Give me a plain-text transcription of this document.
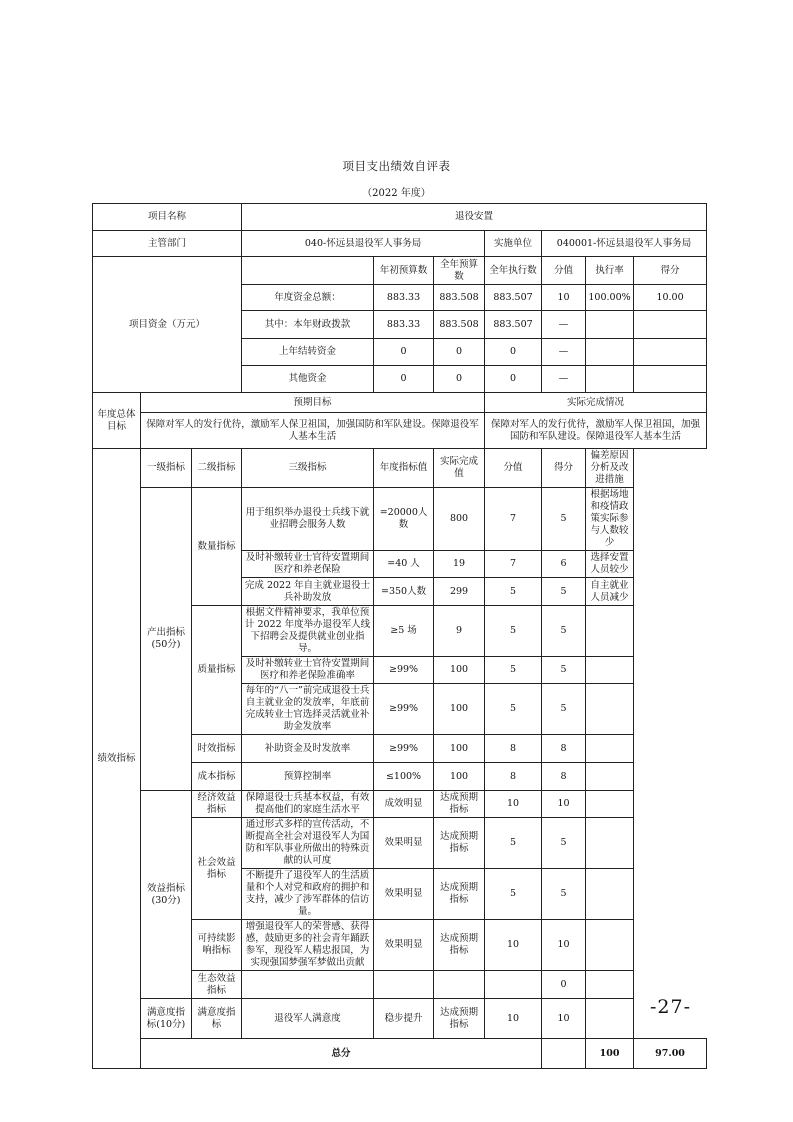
项目支出绩效自评表
（2022 年度）
项目名称			退役安置							
主管部门			040-怀远县退役军人事务局			实施单位	040001-怀远县退役军人事务局			
项目资金（万元）				年初预算数	全年预算数	全年执行数	分值	执行率	得分	
			年度资金总额：	883.33	883.508	883.507	10	100.00%	10.00	
			其中：本年财政拨款	883.33	883.508	883.507	—			
			上年结转资金	0	0	0	—			
			其他资金	0	0	0	—			
年度总体目标	预期目标					实际完成情况				
	保障对军人的发行优待，激励军人保卫祖国，加强国防和军队建设。保障退役军人基本生活					保障对军人的发行优待，激励军人保卫祖国，加强国防和军队建设。保障退役军人基本生活				
绩效指标	一级指标	二级指标	三级指标	年度指标值	实际完成值	分值	得分	偏差原因分析及改进措施		
	产出指标(50分)	数量指标	用于组织举办退役士兵线下就业招聘会服务人数	=20000人数	800	7	5	根据场地和疫情政策实际参与人数较少		
			及时补缴转业士官待安置期间医疗和养老保险	=40 人	19	7	6	选择安置人员较少		
			完成 2022 年自主就业退役士兵补助发放	=350人数	299	5	5	自主就业人员减少		
		质量指标	根据文件精神要求，我单位预计 2022 年度举办退役军人线下招聘会及提供就业创业指导。	≥5 场	9	5	5			
			及时补缴转业士官待安置期间医疗和养老保险准确率	≥99%	100	5	5			
			每年的“八一”前完成退役士兵自主就业金的发放率，年底前完成转业士官选择灵活就业补助金发放率	≥99%	100	5	5			
		时效指标	补助资金及时发放率	≥99%	100	8	8			
		成本指标	预算控制率	≤100%	100	8	8			
	效益指标(30分)	经济效益指标	保障退役士兵基本权益，有效提高他们的家庭生活水平	成效明显	达成预期指标	10	10			
		社会效益指标	通过形式多样的宣传活动，不断提高全社会对退役军人为国防和军队事业所做出的特殊贡献的认可度	效果明显	达成预期指标	5	5			
			不断提升了退役军人的生活质量和个人对党和政府的拥护和支持，减少了涉军群体的信访量。	效果明显	达成预期指标	5	5			
		可持续影响指标	增强退役军人的荣誉感、获得感，鼓励更多的社会青年踊跃参军，现役军人精忠报国，为实现强国梦强军梦做出贡献	效果明显	达成预期指标	10	10			
		生态效益指标					0			
	满意度指标(10分)	满意度指标	退役军人满意度	稳步提升	达成预期指标	10	10			
	总分							100	97.00	
-27-
